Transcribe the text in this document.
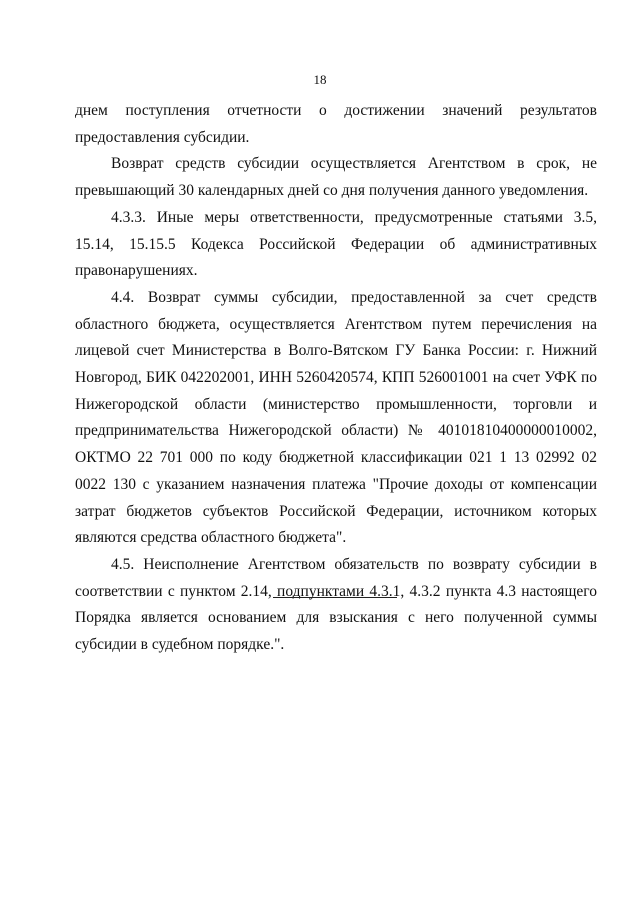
18

днем поступления отчетности о достижении значений результатов предоставления субсидии.

Возврат средств субсидии осуществляется Агентством в срок, не превышающий 30 календарных дней со дня получения данного уведомления.

4.3.3. Иные меры ответственности, предусмотренные статьями 3.5, 15.14, 15.15.5 Кодекса Российской Федерации об административных правонарушениях.

4.4. Возврат суммы субсидии, предоставленной за счет средств областного бюджета, осуществляется Агентством путем перечисления на лицевой счет Министерства в Волго-Вятском ГУ Банка России: г. Нижний Новгород, БИК 042202001, ИНН 5260420574, КПП 526001001 на счет УФК по Нижегородской области (министерство промышленности, торговли и предпринимательства Нижегородской области) № 40101810400000010002, ОКТМО 22 701 000 по коду бюджетной классификации 021 1 13 02992 02 0022 130 с указанием назначения платежа "Прочие доходы от компенсации затрат бюджетов субъектов Российской Федерации, источником которых являются средства областного бюджета".

4.5. Неисполнение Агентством обязательств по возврату субсидии в соответствии с пунктом 2.14, подпунктами 4.3.1, 4.3.2 пункта 4.3 настоящего Порядка является основанием для взыскания с него полученной суммы субсидии в судебном порядке.".
